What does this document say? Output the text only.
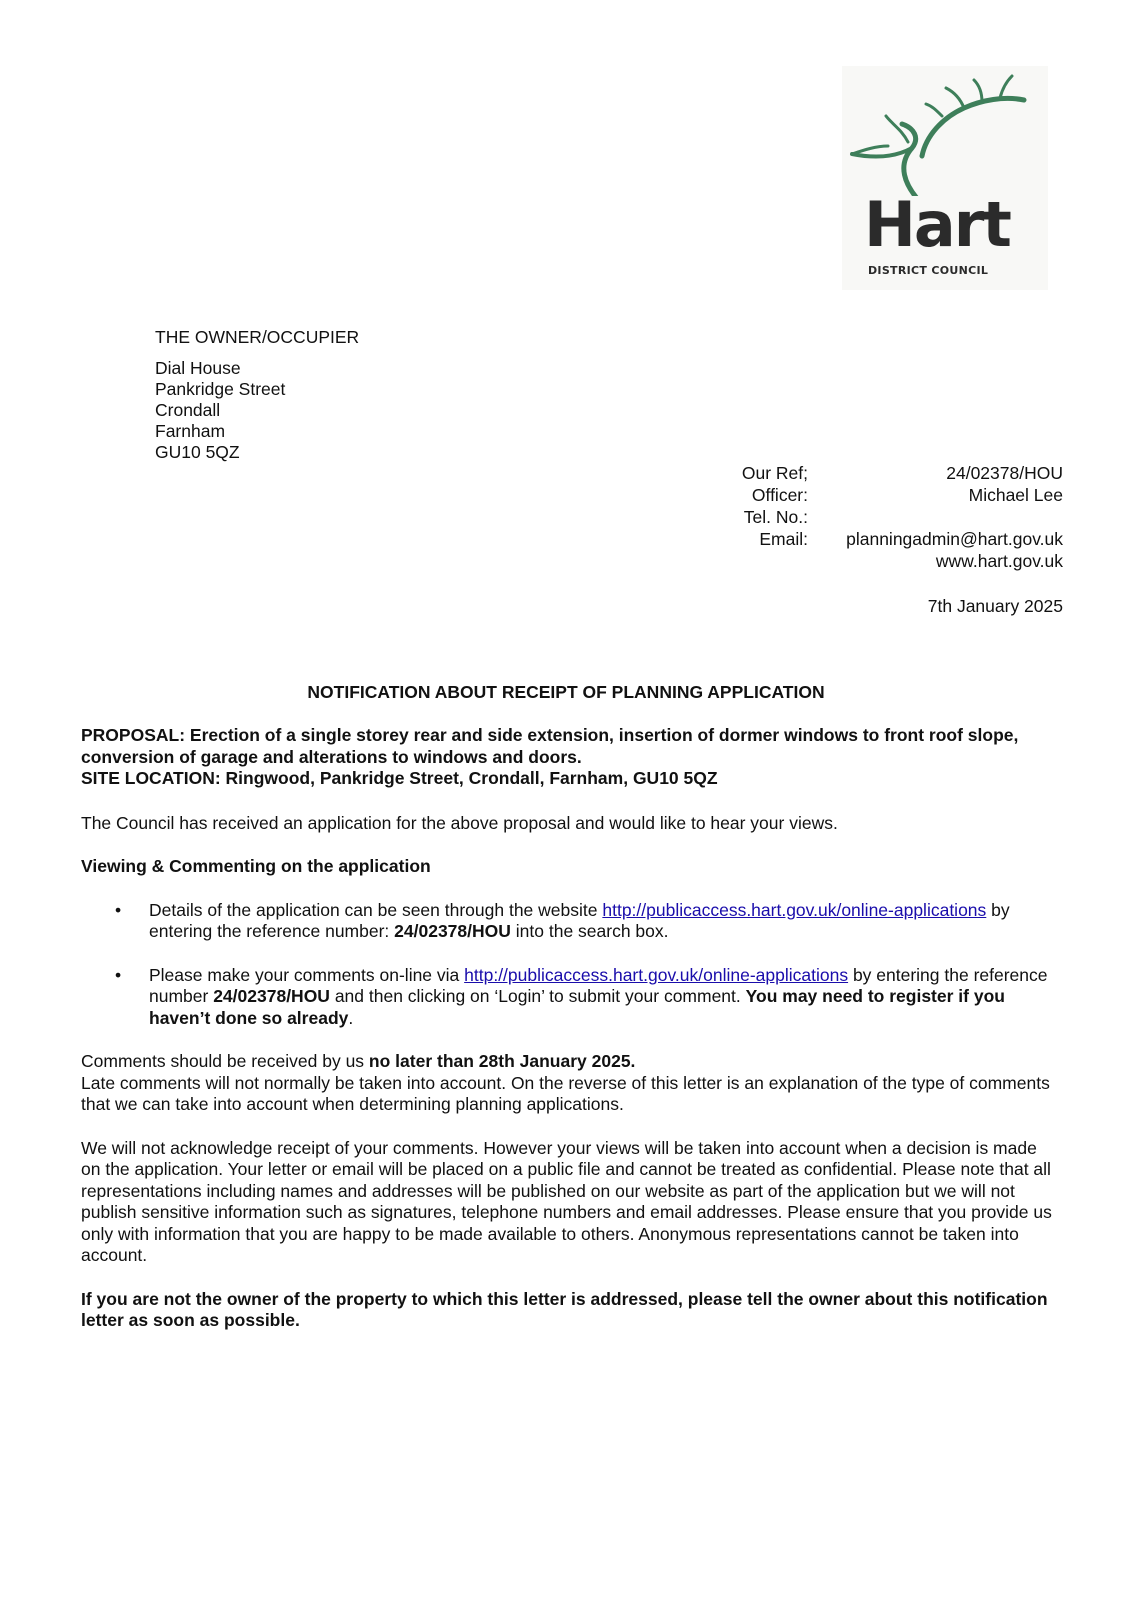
Hart
DISTRICT COUNCIL
THE OWNER/OCCUPIER
Dial House
Pankridge Street
Crondall
Farnham
GU10 5QZ
Our Ref;	24/02378/HOU
Officer:	Michael Lee
Tel. No.:
Email:	planningadmin@hart.gov.uk
www.hart.gov.uk
7th January 2025
NOTIFICATION ABOUT RECEIPT OF PLANNING APPLICATION

PROPOSAL: Erection of a single storey rear and side extension, insertion of dormer windows to front roof slope, conversion of garage and alterations to windows and doors.

SITE LOCATION: Ringwood, Pankridge Street, Crondall, Farnham, GU10 5QZ

The Council has received an application for the above proposal and would like to hear your views.

Viewing & Commenting on the application

• Details of the application can be seen through the website http://publicaccess.hart.gov.uk/online-applications by entering the reference number: 24/02378/HOU into the search box.
• Please make your comments on-line via http://publicaccess.hart.gov.uk/online-applications by entering the reference number 24/02378/HOU and then clicking on ‘Login’ to submit your comment. You may need to register if you haven’t done so already.

Comments should be received by us no later than 28th January 2025.

Late comments will not normally be taken into account. On the reverse of this letter is an explanation of the type of comments that we can take into account when determining planning applications.

We will not acknowledge receipt of your comments. However your views will be taken into account when a decision is made on the application. Your letter or email will be placed on a public file and cannot be treated as confidential. Please note that all representations including names and addresses will be published on our website as part of the application but we will not publish sensitive information such as signatures, telephone numbers and email addresses. Please ensure that you provide us only with information that you are happy to be made available to others. Anonymous representations cannot be taken into account.

If you are not the owner of the property to which this letter is addressed, please tell the owner about this notification letter as soon as possible.
